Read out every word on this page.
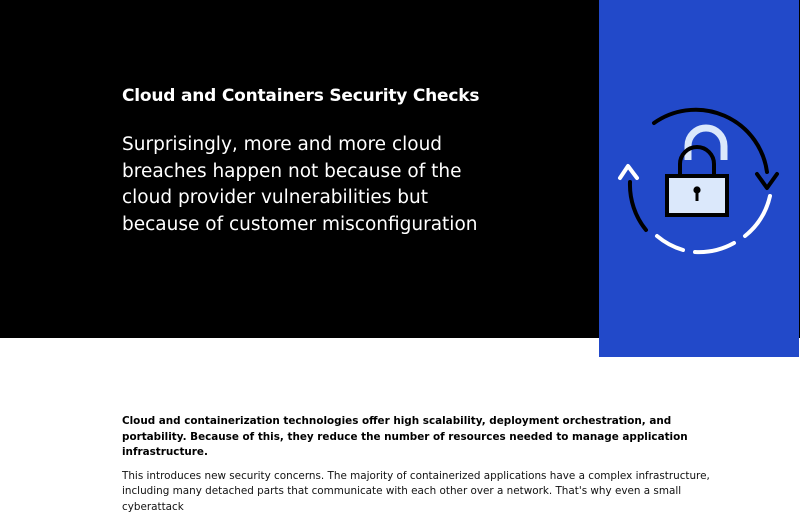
Cloud and Containers Security Checks

Surprisingly, more and more cloud breaches happen not because of the cloud provider vulnerabilities but because of customer misconfiguration

Cloud and containerization technologies offer high scalability, deployment orchestration, and portability. Because of this, they reduce the number of resources needed to manage application infrastructure.

This introduces new security concerns. The majority of containerized applications have a complex infrastructure, including many detached parts that communicate with each other over a network. That's why even a small cyberattack
